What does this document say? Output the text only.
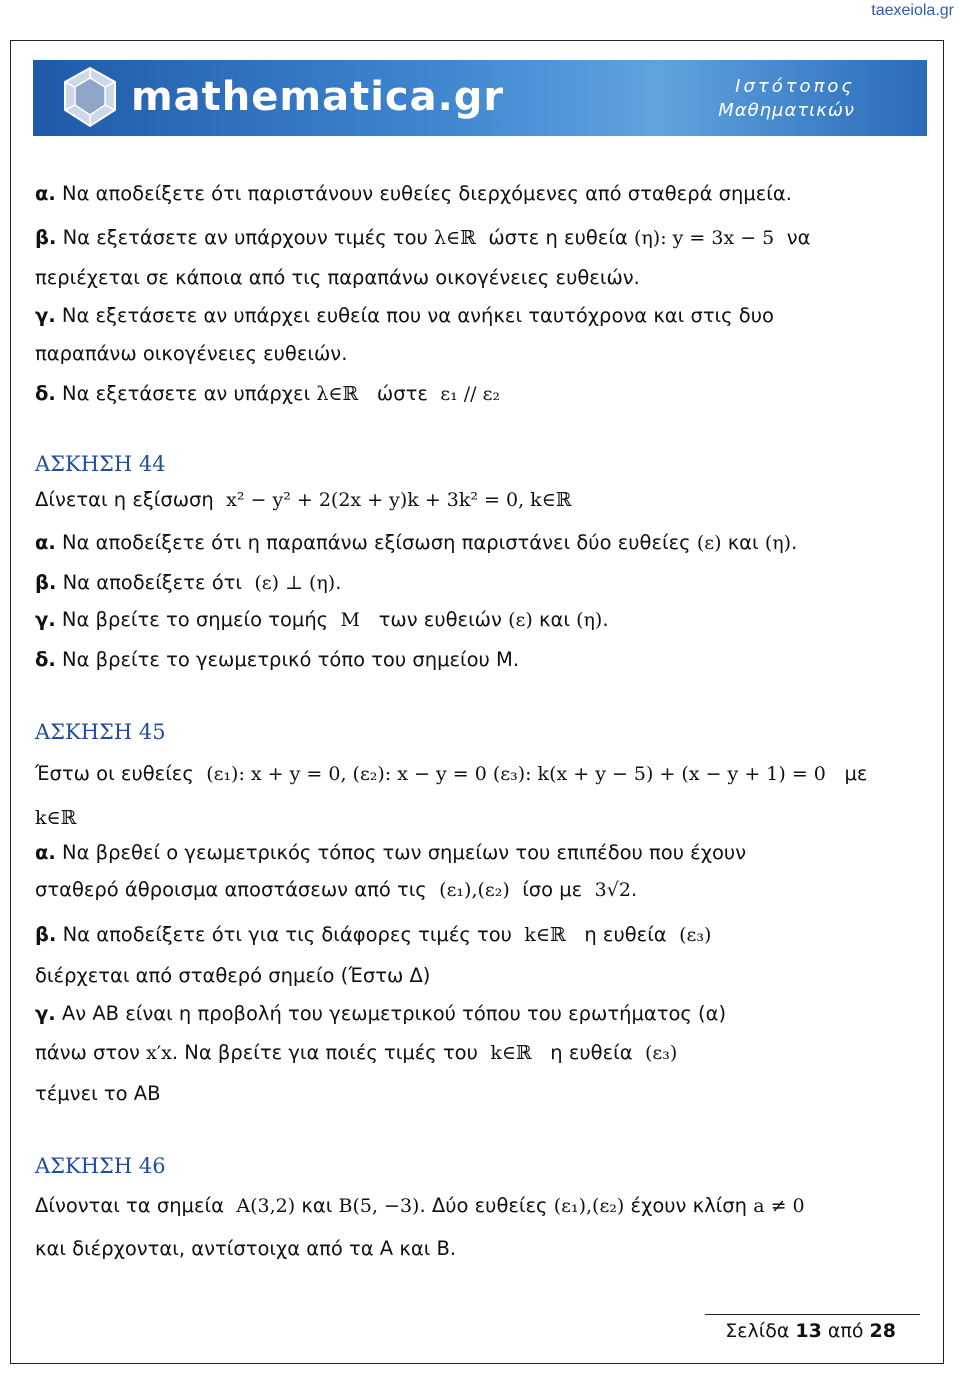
taexeiola.gr
mathematica.gr	Ιστότοπος
Μαθηματικών
α. Να αποδείξετε ότι παριστάνουν ευθείες διερχόμενες από σταθερά σημεία.
β. Να εξετάσετε αν υπάρχουν τιμές του λ∈ℝ ώστε η ευθεία (η): y = 3x − 5 να
περιέχεται σε κάποια από τις παραπάνω οικογένειες ευθειών.
γ. Να εξετάσετε αν υπάρχει ευθεία που να ανήκει ταυτόχρονα και στις δυο
παραπάνω οικογένειες ευθειών.
δ. Να εξετάσετε αν υπάρχει λ∈ℝ ώστε ε₁ // ε₂
ΑΣΚΗΣΗ 44
Δίνεται η εξίσωση x² − y² + 2(2x + y)k + 3k² = 0, k∈ℝ
α. Να αποδείξετε ότι η παραπάνω εξίσωση παριστάνει δύο ευθείες (ε) και (η).
β. Να αποδείξετε ότι (ε) ⊥ (η).
γ. Να βρείτε το σημείο τομής M των ευθειών (ε) και (η).
δ. Να βρείτε το γεωμετρικό τόπο του σημείου Μ.
ΑΣΚΗΣΗ 45
Έστω οι ευθείες (ε₁): x + y = 0, (ε₂): x − y = 0 (ε₃): k(x + y − 5) + (x − y + 1) = 0 με
k∈ℝ
α. Να βρεθεί ο γεωμετρικός τόπος των σημείων του επιπέδου που έχουν
σταθερό άθροισμα αποστάσεων από τις (ε₁),(ε₂) ίσο με 3√2.
β. Να αποδείξετε ότι για τις διάφορες τιμές του k∈ℝ η ευθεία (ε₃)
διέρχεται από σταθερό σημείο (Έστω Δ)
γ. Αν ΑΒ είναι η προβολή του γεωμετρικού τόπου του ερωτήματος (α)
πάνω στον x′x. Να βρείτε για ποιές τιμές του k∈ℝ η ευθεία (ε₃)
τέμνει το ΑΒ
ΑΣΚΗΣΗ 46
Δίνονται τα σημεία A(3,2) και B(5, −3). Δύο ευθείες (ε₁),(ε₂) έχουν κλίση a ≠ 0
και διέρχονται, αντίστοιχα από τα Α και Β.
Σελίδα 13 από 28
